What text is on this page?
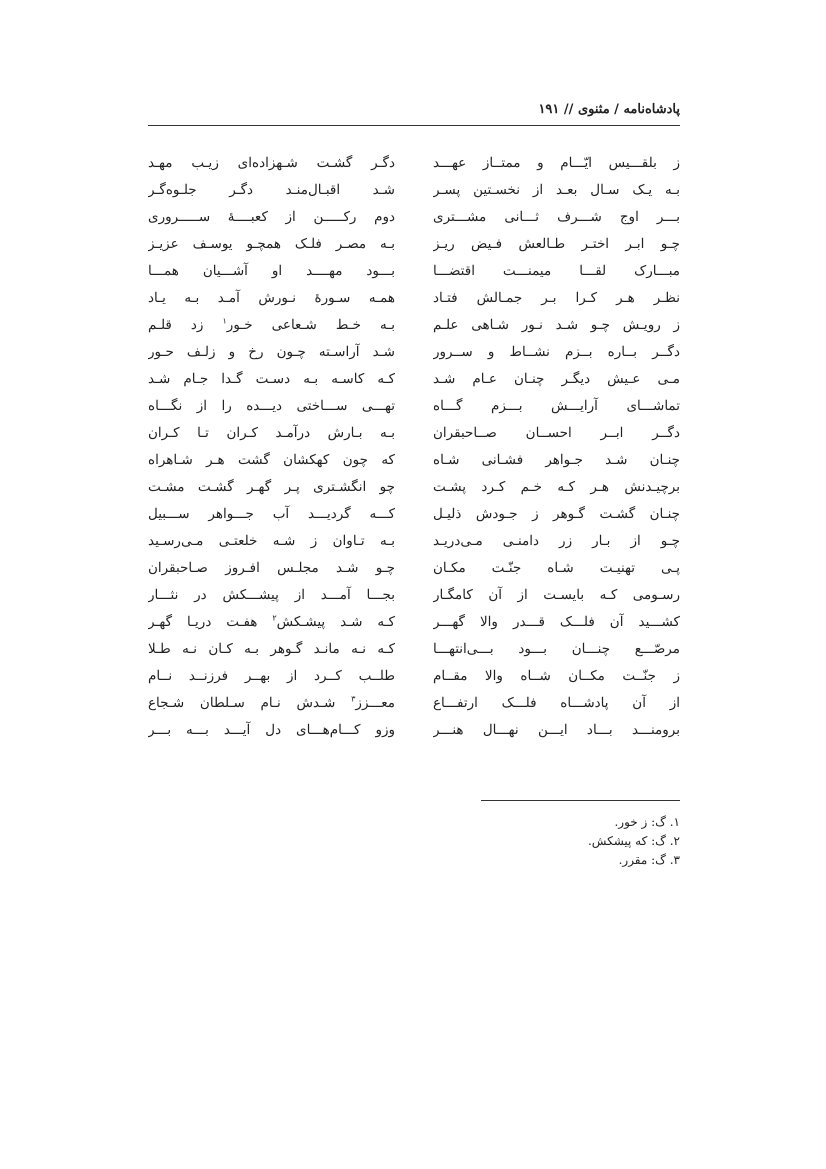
پادشاه‌نامه / مثنوی // ۱۹۱
ز بلقـــیس ایّـــام و ممتــاز عهـــد
دگـر گشـت شـهزاده‌ای زیـب مهـد
بـه یـک سـال بعـد از نخسـتین پسـر
شـد اقبـال‌منـد دگـر جلـوه‌گـر
بـــر اوج شـــرف ثـــانی مشـــتری
دوم رکـــــن از کعبــــهٔ ســـــروری
چـو ابـر اختـر طـالعش فـیض ریـز
بـه مصـر فلـک همچـو یوسـف عزیـز
مبـــارک لقـــا میمنـــت اقتضـــا
بـــود مهــــد او آشـــیان همـــا
نظـر هـر کـرا بـر جمـالش فتـاد
همـه سـورهٔ نـورش آمـد بـه یـاد
ز رویـش چـو شـد نـور شـاهی علـم
بـه خـط شـعاعی خـور$^۱$ زد قلـم
دگــر بــاره بــزم نشــاط و ســرور
شـد آراسـته چـون رخ و زلـف حـور
مـی عـیش دیگـر چنـان عـام شـد
کـه کاسـه بـه دسـت گـدا جـام شـد
تماشـــای آرایـــش بـــزم گـــاه
تهـــی ســـاختی دیـــده را از نگـــاه
دگــر ابــر احســان صــاحبقران
بـه بـارش درآمـد کـران تـا کـران
چنـان شـد جـواهر فشـانی شـاه
که چون کهکشان گشت هـر شـاهراه
برچیـدنش هـر کـه خـم کـرد پشـت
چو انگشـتری پـر گهـر گشـت مشـت
چنـان گشـت گـوهر ز جـودش ذلیـل
کـــه گردیـــد آب جـــواهر ســـبیل
چـو از بـار زر دامنـی مـی‌دریـد
بـه تـاوان ز شـه خلعتـی مـی‌رسـید
پـی تهنیـت شـاه جنّـت مکـان
چـو شـد مجلـس افـروز صـاحبقران
رسـومی کـه بایسـت از آن کامگـار
بجـــا آمـــد از پیشـــکش در نثـــار
کشـــید آن فلـــک قـــدر والا گهـــر
کـه شـد پیشـکش$^۲$ هفـت دریـا گهـر
مرصّـــع چنـــان بـــود بـــی‌انتهـــا
کـه نـه مانـد گـوهر بـه کـان نـه طـلا
ز جنّــت مکــان شــاه والا مقــام
طلــب کــرد از بهــر فرزنــد نــام
از آن پادشـــاه فلـــک ارتفـــاع
معـــزز$^۳$ شـدش نـام سـلطان شـجاع
برومنـــد بـــاد ایـــن نهـــال هنـــر
وزو کـــام‌هـــای دل آیـــد بـــه بـــر
۱. گ: ز خور.
۲. گ: که پیشکش.
۳. گ: مقرر.
